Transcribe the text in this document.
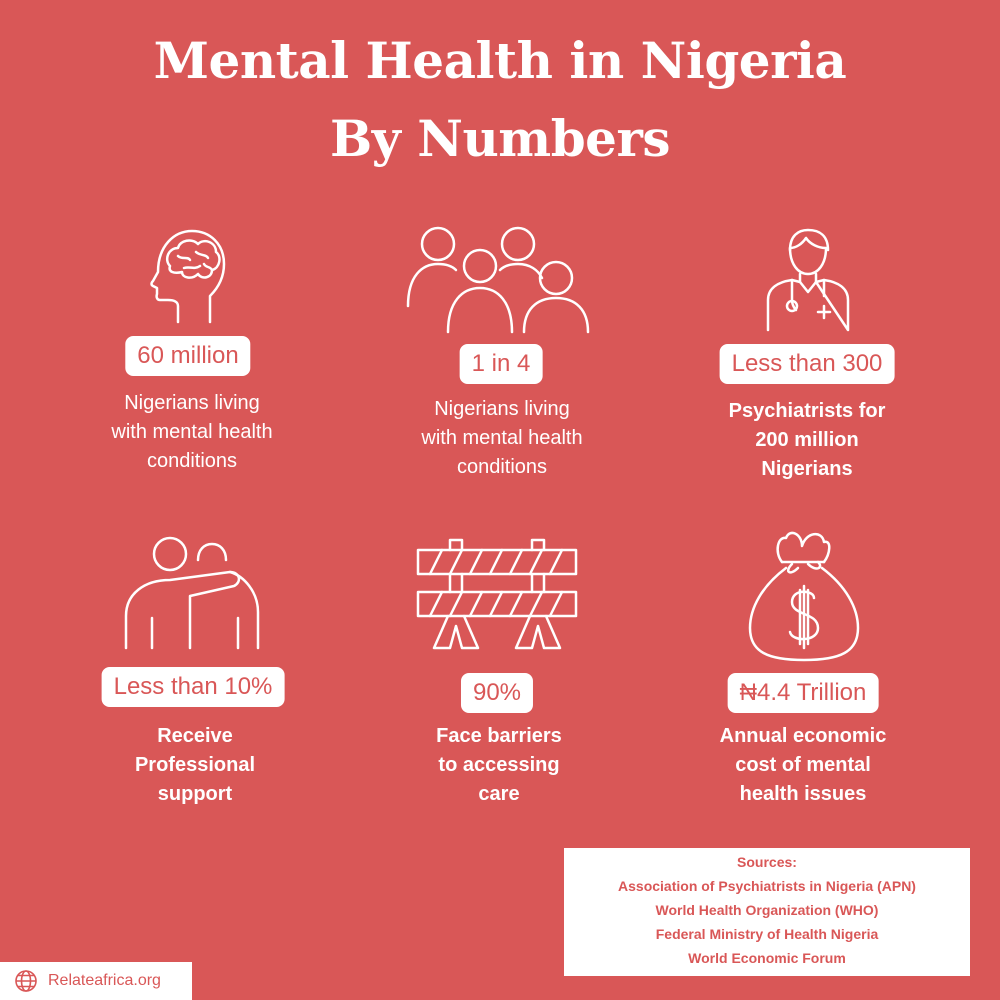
Mental Health in Nigeria
By Numbers
60 million
Nigerians living
with mental health
conditions
1 in 4
Nigerians living
with mental health
conditions
Less than 300
Psychiatrists for
200 million
Nigerians
Less than 10%
Receive
Professional
support
90%
Face barriers
to accessing
care
₦4.4 Trillion
Annual economic
cost of mental
health issues
Sources:
Association of Psychiatrists in Nigeria (APN)
World Health Organization (WHO)
Federal Ministry of Health Nigeria
World Economic Forum
Relateafrica.org
